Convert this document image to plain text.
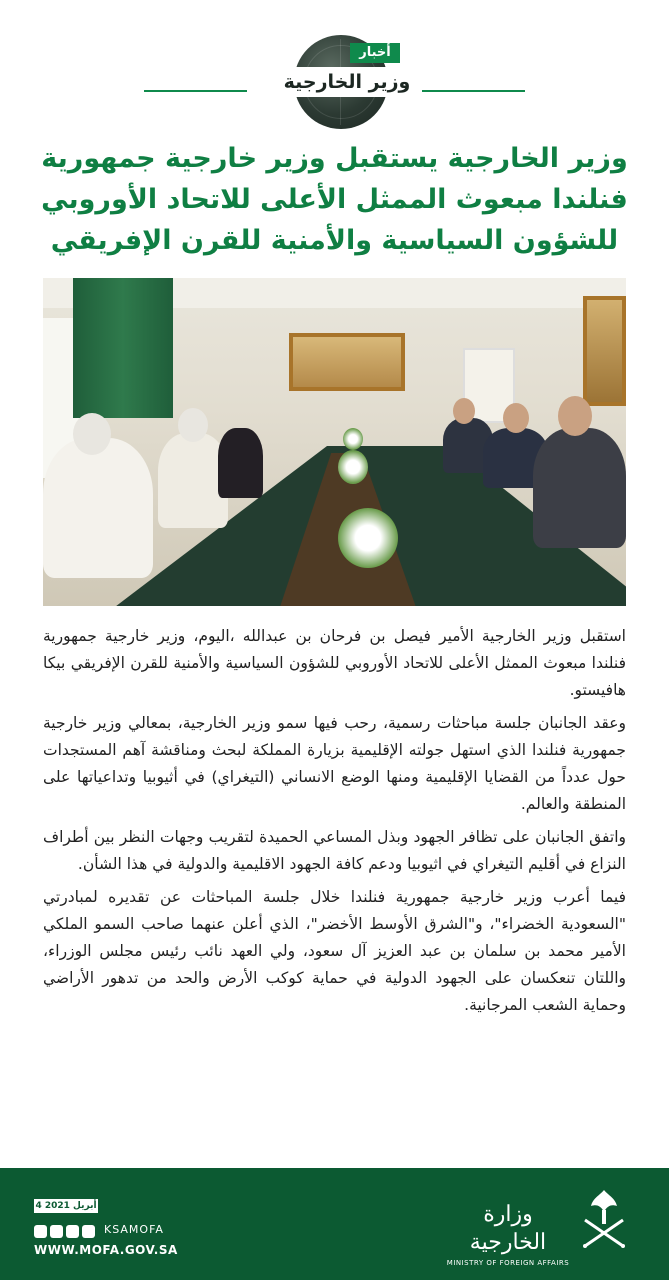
أخبار
وزير الخارجية
وزير الخارجية يستقبل وزير خارجية جمهورية فنلندا مبعوث الممثل الأعلى للاتحاد الأوروبي للشؤون السياسية والأمنية للقرن الإفريقي

استقبل وزير الخارجية الأمير فيصل بن فرحان بن عبدالله ،اليوم، وزير خارجية جمهورية فنلندا مبعوث الممثل الأعلى للاتحاد الأوروبي للشؤون السياسية والأمنية للقرن الإفريقي بيكا هافيستو.

وعقد الجانبان جلسة مباحثات رسمية، رحب فيها سمو وزير الخارجية، بمعالي وزير خارجية جمهورية فنلندا الذي استهل جولته الإقليمية بزيارة المملكة لبحث ومناقشة آهم المستجدات حول عدداً من القضايا الإقليمية ومنها الوضع الانساني (التيغراي) في أثيوبيا وتداعياتها على المنطقة والعالم.

واتفق الجانبان على تظافر الجهود وبذل المساعي الحميدة لتقريب وجهات النظر بين أطراف النزاع في أقليم التيغراي في اثيوبيا ودعم كافة الجهود الاقليمية والدولية في هذا الشأن.

فيما أعرب وزير خارجية جمهورية فنلندا خلال جلسة المباحثات عن تقديره لمبادرتي "السعودية الخضراء"، و"الشرق الأوسط الأخضر"، الذي أعلن عنهما صاحب السمو الملكي الأمير محمد بن سلمان بن عبد العزيز آل سعود، ولي العهد نائب رئيس مجلس الوزراء، واللتان تنعكسان على الجهود الدولية في حماية كوكب الأرض والحد من تدهور الأراضي وحماية الشعب المرجانية.

4 أبريل 2021
KSAMOFA
WWW.MOFA.GOV.SA
وزارة الخارجية
MINISTRY OF FOREIGN AFFAIRS
